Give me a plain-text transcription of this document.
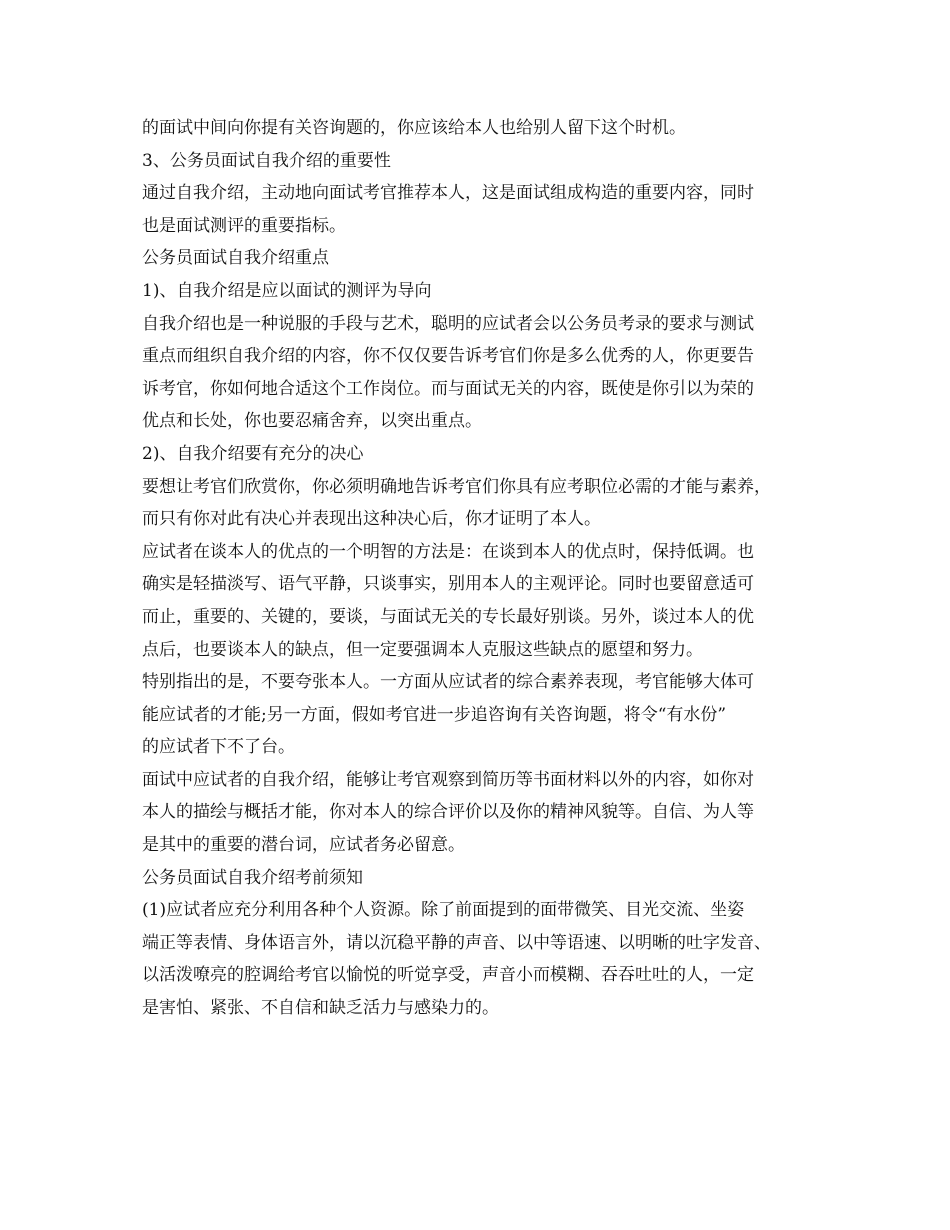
的面试中间向你提有关咨询题的，你应该给本人也给别人留下这个时机。
3、公务员面试自我介绍的重要性
通过自我介绍，主动地向面试考官推荐本人，这是面试组成构造的重要内容，同时
也是面试测评的重要指标。
公务员面试自我介绍重点
1)、自我介绍是应以面试的测评为导向
自我介绍也是一种说服的手段与艺术，聪明的应试者会以公务员考录的要求与测试
重点而组织自我介绍的内容，你不仅仅要告诉考官们你是多么优秀的人，你更要告
诉考官，你如何地合适这个工作岗位。而与面试无关的内容，既使是你引以为荣的
优点和长处，你也要忍痛舍弃，以突出重点。
2)、自我介绍要有充分的决心
要想让考官们欣赏你，你必须明确地告诉考官们你具有应考职位必需的才能与素养，
而只有你对此有决心并表现出这种决心后，你才证明了本人。
应试者在谈本人的优点的一个明智的方法是：在谈到本人的优点时，保持低调。也
确实是轻描淡写、语气平静，只谈事实，别用本人的主观评论。同时也要留意适可
而止，重要的、关键的，要谈，与面试无关的专长最好别谈。另外，谈过本人的优
点后，也要谈本人的缺点，但一定要强调本人克服这些缺点的愿望和努力。
特别指出的是，不要夸张本人。一方面从应试者的综合素养表现，考官能够大体可
能应试者的才能;另一方面，假如考官进一步追咨询有关咨询题，将令“有水份”
的应试者下不了台。
面试中应试者的自我介绍，能够让考官观察到简历等书面材料以外的内容，如你对
本人的描绘与概括才能，你对本人的综合评价以及你的精神风貌等。自信、为人等
是其中的重要的潜台词，应试者务必留意。
公务员面试自我介绍考前须知
(1)应试者应充分利用各种个人资源。除了前面提到的面带微笑、目光交流、坐姿
端正等表情、身体语言外，请以沉稳平静的声音、以中等语速、以明晰的吐字发音、
以活泼嘹亮的腔调给考官以愉悦的听觉享受，声音小而模糊、吞吞吐吐的人，一定
是害怕、紧张、不自信和缺乏活力与感染力的。
